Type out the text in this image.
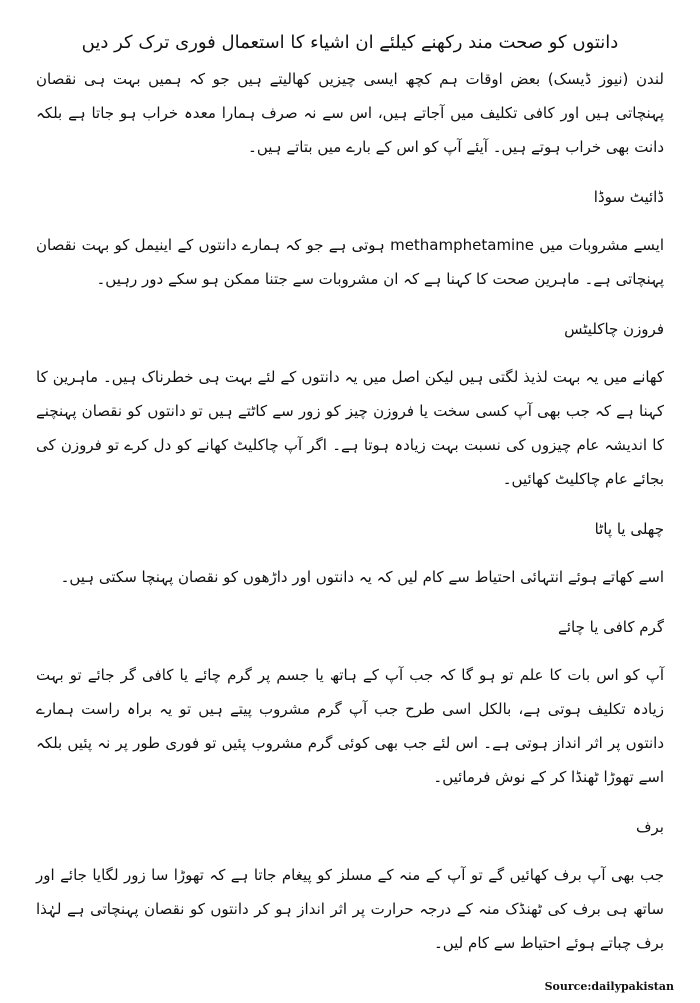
دانتوں کو صحت مند رکھنے کیلئے ان اشیاء کا استعمال فوری ترک کر دیں

لندن (نیوز ڈیسک) بعض اوقات ہم کچھ ایسی چیزیں کھالیتے ہیں جو کہ ہمیں بہت ہی نقصان پہنچاتی ہیں اور کافی تکلیف میں آجاتے ہیں، اس سے نہ صرف ہمارا معدہ خراب ہو جاتا ہے بلکہ دانت بھی خراب ہوتے ہیں۔ آیئے آپ کو اس کے بارے میں بتاتے ہیں۔

ڈائیٹ سوڈا

ایسے مشروبات میں methamphetamine ہوتی ہے جو کہ ہمارے دانتوں کے اینیمل کو بہت نقصان پہنچاتی ہے۔ ماہرین صحت کا کہنا ہے کہ ان مشروبات سے جتنا ممکن ہو سکے دور رہیں۔

فروزن چاکلیٹس

کھانے میں یہ بہت لذیذ لگتی ہیں لیکن اصل میں یہ دانتوں کے لئے بہت ہی خطرناک ہیں۔ ماہرین کا کہنا ہے کہ جب بھی آپ کسی سخت یا فروزن چیز کو زور سے کاٹتے ہیں تو دانتوں کو نقصان پہنچنے کا اندیشہ عام چیزوں کی نسبت بہت زیادہ ہوتا ہے۔ اگر آپ چاکلیٹ کھانے کو دل کرے تو فروزن کی بجائے عام چاکلیٹ کھائیں۔

چھلی یا پاٹا

اسے کھاتے ہوئے انتہائی احتیاط سے کام لیں کہ یہ دانتوں اور داڑھوں کو نقصان پہنچا سکتی ہیں۔

گرم کافی یا چائے

آپ کو اس بات کا علم تو ہو گا کہ جب آپ کے ہاتھ یا جسم پر گرم چائے یا کافی گر جائے تو بہت زیادہ تکلیف ہوتی ہے، بالکل اسی طرح جب آپ گرم مشروب پیتے ہیں تو یہ براہ راست ہمارے دانتوں پر اثر انداز ہوتی ہے۔ اس لئے جب بھی کوئی گرم مشروب پئیں تو فوری طور پر نہ پئیں بلکہ اسے تھوڑا ٹھنڈا کر کے نوش فرمائیں۔

برف

جب بھی آپ برف کھائیں گے تو آپ کے منہ کے مسلز کو پیغام جاتا ہے کہ تھوڑا سا زور لگایا جائے اور ساتھ ہی برف کی ٹھنڈک منہ کے درجہ حرارت پر اثر انداز ہو کر دانتوں کو نقصان پہنچاتی ہے لہٰذا برف چباتے ہوئے احتیاط سے کام لیں۔

Source:dailypakistan
